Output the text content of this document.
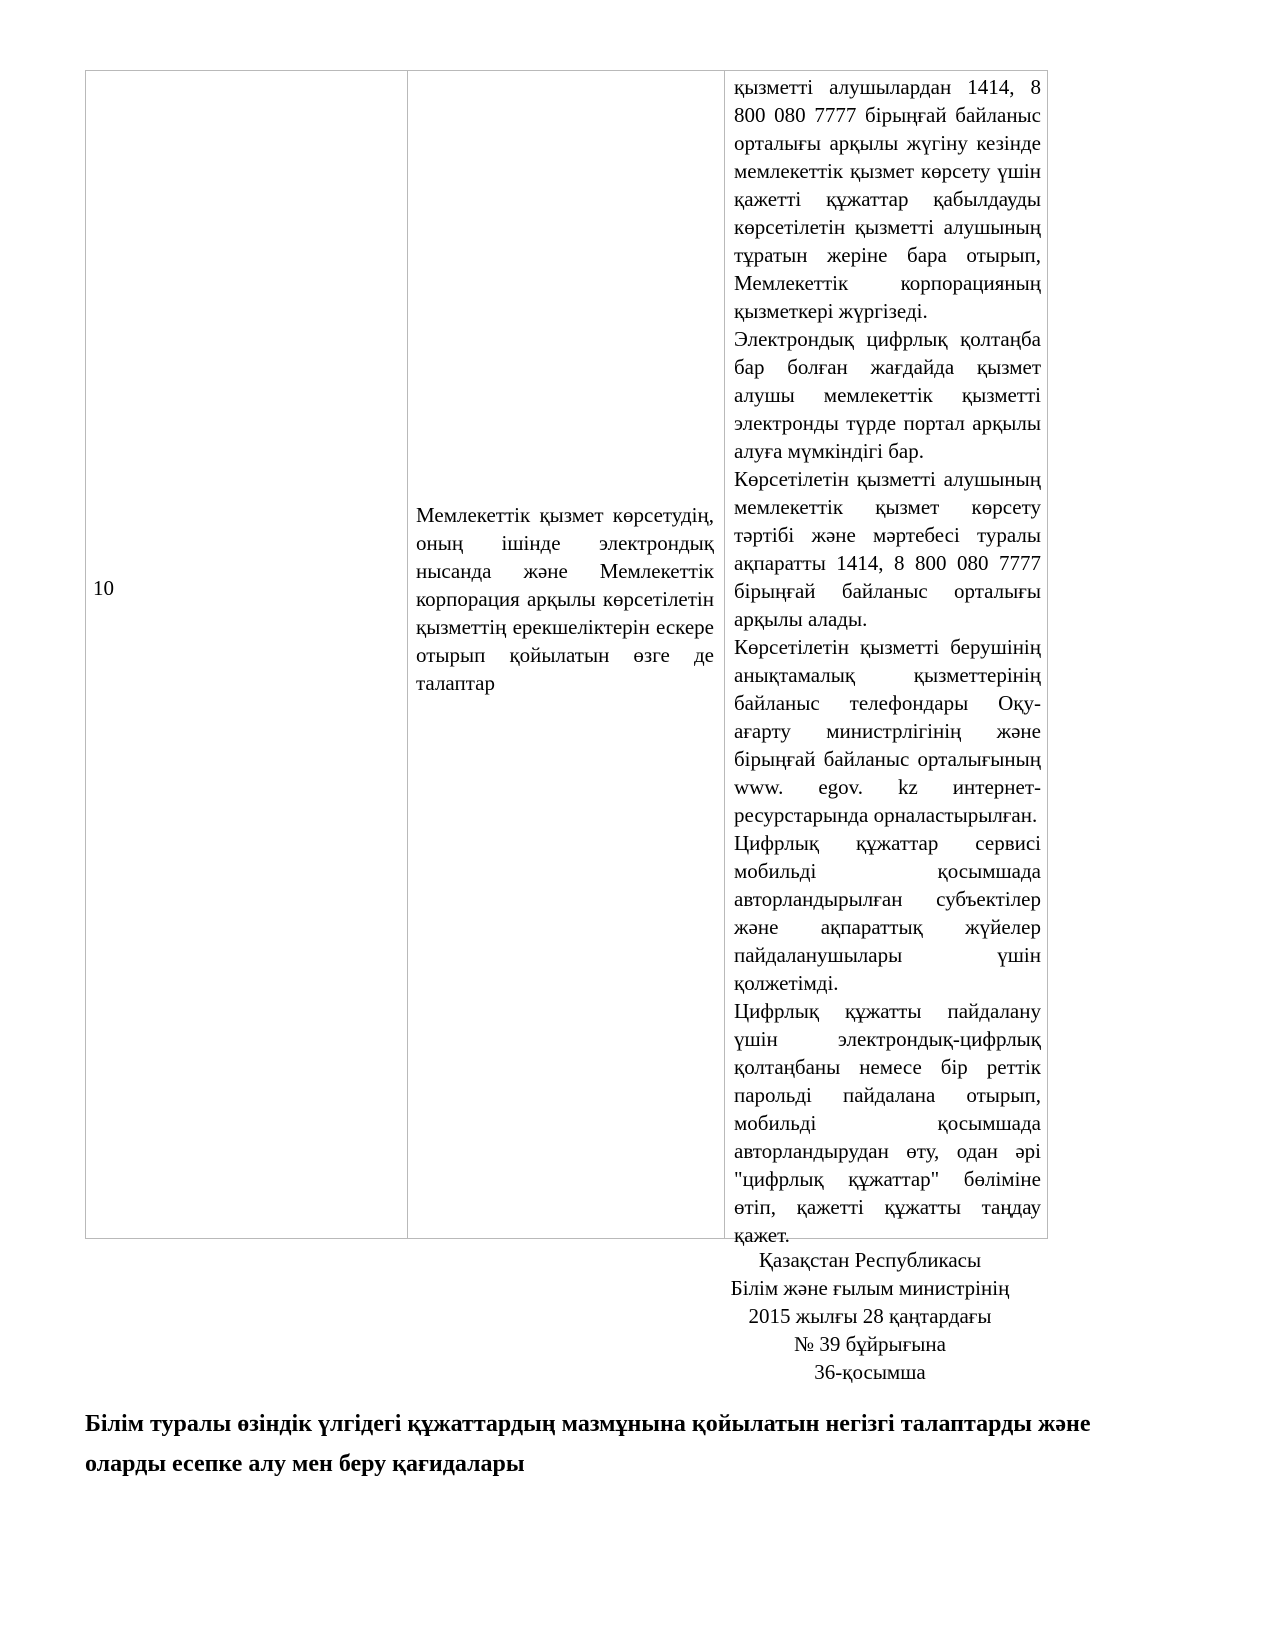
10

Мемлекеттік қызмет көрсетудің, оның ішінде электрондық нысанда және Мемлекеттік корпорация арқылы көрсетілетін қызметтің ерекшеліктерін ескере отырып қойылатын өзге де талаптар

қызметті алушылардан 1414, 8 800 080 7777 бірыңғай байланыс орталығы арқылы жүгіну кезінде мемлекеттік қызмет көрсету үшін қажетті құжаттар қабылдауды көрсетілетін қызметті алушының тұратын жеріне бара отырып, Мемлекеттік корпорацияның қызметкері жүргізеді.

Электрондық цифрлық қолтаңба бар болған жағдайда қызмет алушы мемлекеттік қызметті электронды түрде портал арқылы алуға мүмкіндігі бар.

Көрсетілетін қызметті алушының мемлекеттік қызмет көрсету тәртібі және мәртебесі туралы ақпаратты 1414, 8 800 080 7777 бірыңғай байланыс орталығы арқылы алады.

Көрсетілетін қызметті берушінің анықтамалық қызметтерінің байланыс телефондары Оқу-ағарту министрлігінің және бірыңғай байланыс орталығының www. egov. kz интернет-ресурстарында орналастырылған.

Цифрлық құжаттар сервисі мобильді қосымшада авторландырылған субъектілер және ақпараттық жүйелер пайдаланушылары үшін қолжетімді.

Цифрлық құжатты пайдалану үшін электрондық-цифрлық қолтаңбаны немесе бір реттік парольді пайдалана отырып, мобильді қосымшада авторландырудан өту, одан әрі "цифрлық құжаттар" бөліміне өтіп, қажетті құжатты таңдау қажет.

Қазақстан Республикасы
Білім және ғылым министрінің
2015 жылғы 28 қаңтардағы
№ 39 бұйрығына
36-қосымша
Білім туралы өзіндік үлгідегі құжаттардың мазмұнына қойылатын негізгі талаптарды және оларды есепке алу мен беру қағидалары
